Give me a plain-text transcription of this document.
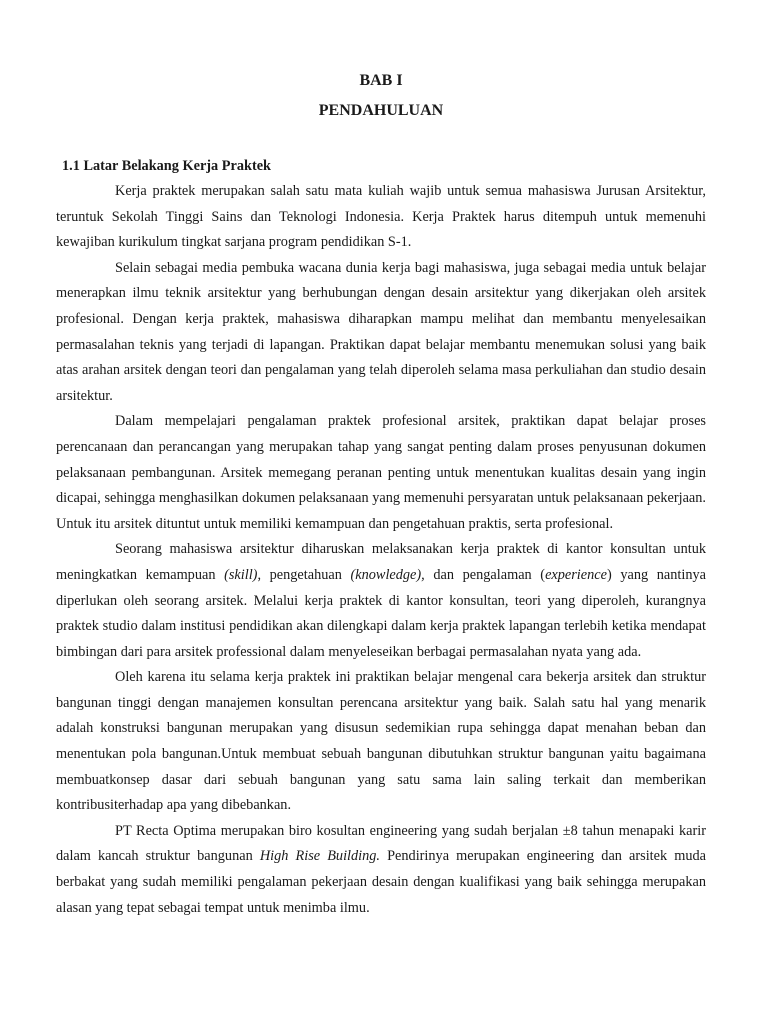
BAB I

PENDAHULUAN

1.1 Latar Belakang Kerja Praktek

Kerja praktek merupakan salah satu mata kuliah wajib untuk semua mahasiswa Jurusan Arsitektur, teruntuk Sekolah Tinggi Sains dan Teknologi Indonesia. Kerja Praktek harus ditempuh untuk memenuhi kewajiban kurikulum tingkat sarjana program pendidikan S-1.

Selain sebagai media pembuka wacana dunia kerja bagi mahasiswa, juga sebagai media untuk belajar menerapkan ilmu teknik arsitektur yang berhubungan dengan desain arsitektur yang dikerjakan oleh arsitek profesional. Dengan kerja praktek, mahasiswa diharapkan mampu melihat dan membantu menyelesaikan permasalahan teknis yang terjadi di lapangan. Praktikan dapat belajar membantu menemukan solusi yang baik atas arahan arsitek dengan teori dan pengalaman yang telah diperoleh selama masa perkuliahan dan studio desain arsitektur.

Dalam mempelajari pengalaman praktek profesional arsitek, praktikan dapat belajar proses perencanaan dan perancangan yang merupakan tahap yang sangat penting dalam proses penyusunan dokumen pelaksanaan pembangunan. Arsitek memegang peranan penting untuk menentukan kualitas desain yang ingin dicapai, sehingga menghasilkan dokumen pelaksanaan yang memenuhi persyaratan untuk pelaksanaan pekerjaan. Untuk itu arsitek dituntut untuk memiliki kemampuan dan pengetahuan praktis, serta profesional.

Seorang mahasiswa arsitektur diharuskan melaksanakan kerja praktek di kantor konsultan untuk meningkatkan kemampuan (skill), pengetahuan (knowledge), dan pengalaman (experience) yang nantinya diperlukan oleh seorang arsitek. Melalui kerja praktek di kantor konsultan, teori yang diperoleh, kurangnya praktek studio dalam institusi pendidikan akan dilengkapi dalam kerja praktek lapangan terlebih ketika mendapat bimbingan dari para arsitek professional dalam menyeleseikan berbagai permasalahan nyata yang ada.

Oleh karena itu selama kerja praktek ini praktikan belajar mengenal cara bekerja arsitek dan struktur bangunan tinggi dengan manajemen konsultan perencana arsitektur yang baik. Salah satu hal yang menarik adalah konstruksi bangunan merupakan yang disusun sedemikian rupa sehingga dapat menahan beban dan menentukan pola bangunan.Untuk membuat sebuah bangunan dibutuhkan struktur bangunan yaitu bagaimana membuatkonsep dasar dari sebuah bangunan yang satu sama lain saling terkait dan memberikan kontribusiterhadap apa yang dibebankan.

PT Recta Optima merupakan biro kosultan engineering yang sudah berjalan ±8 tahun menapaki karir dalam kancah struktur bangunan High Rise Building. Pendirinya merupakan engineering dan arsitek muda berbakat yang sudah memiliki pengalaman pekerjaan desain dengan kualifikasi yang baik sehingga merupakan alasan yang tepat sebagai tempat untuk menimba ilmu.
